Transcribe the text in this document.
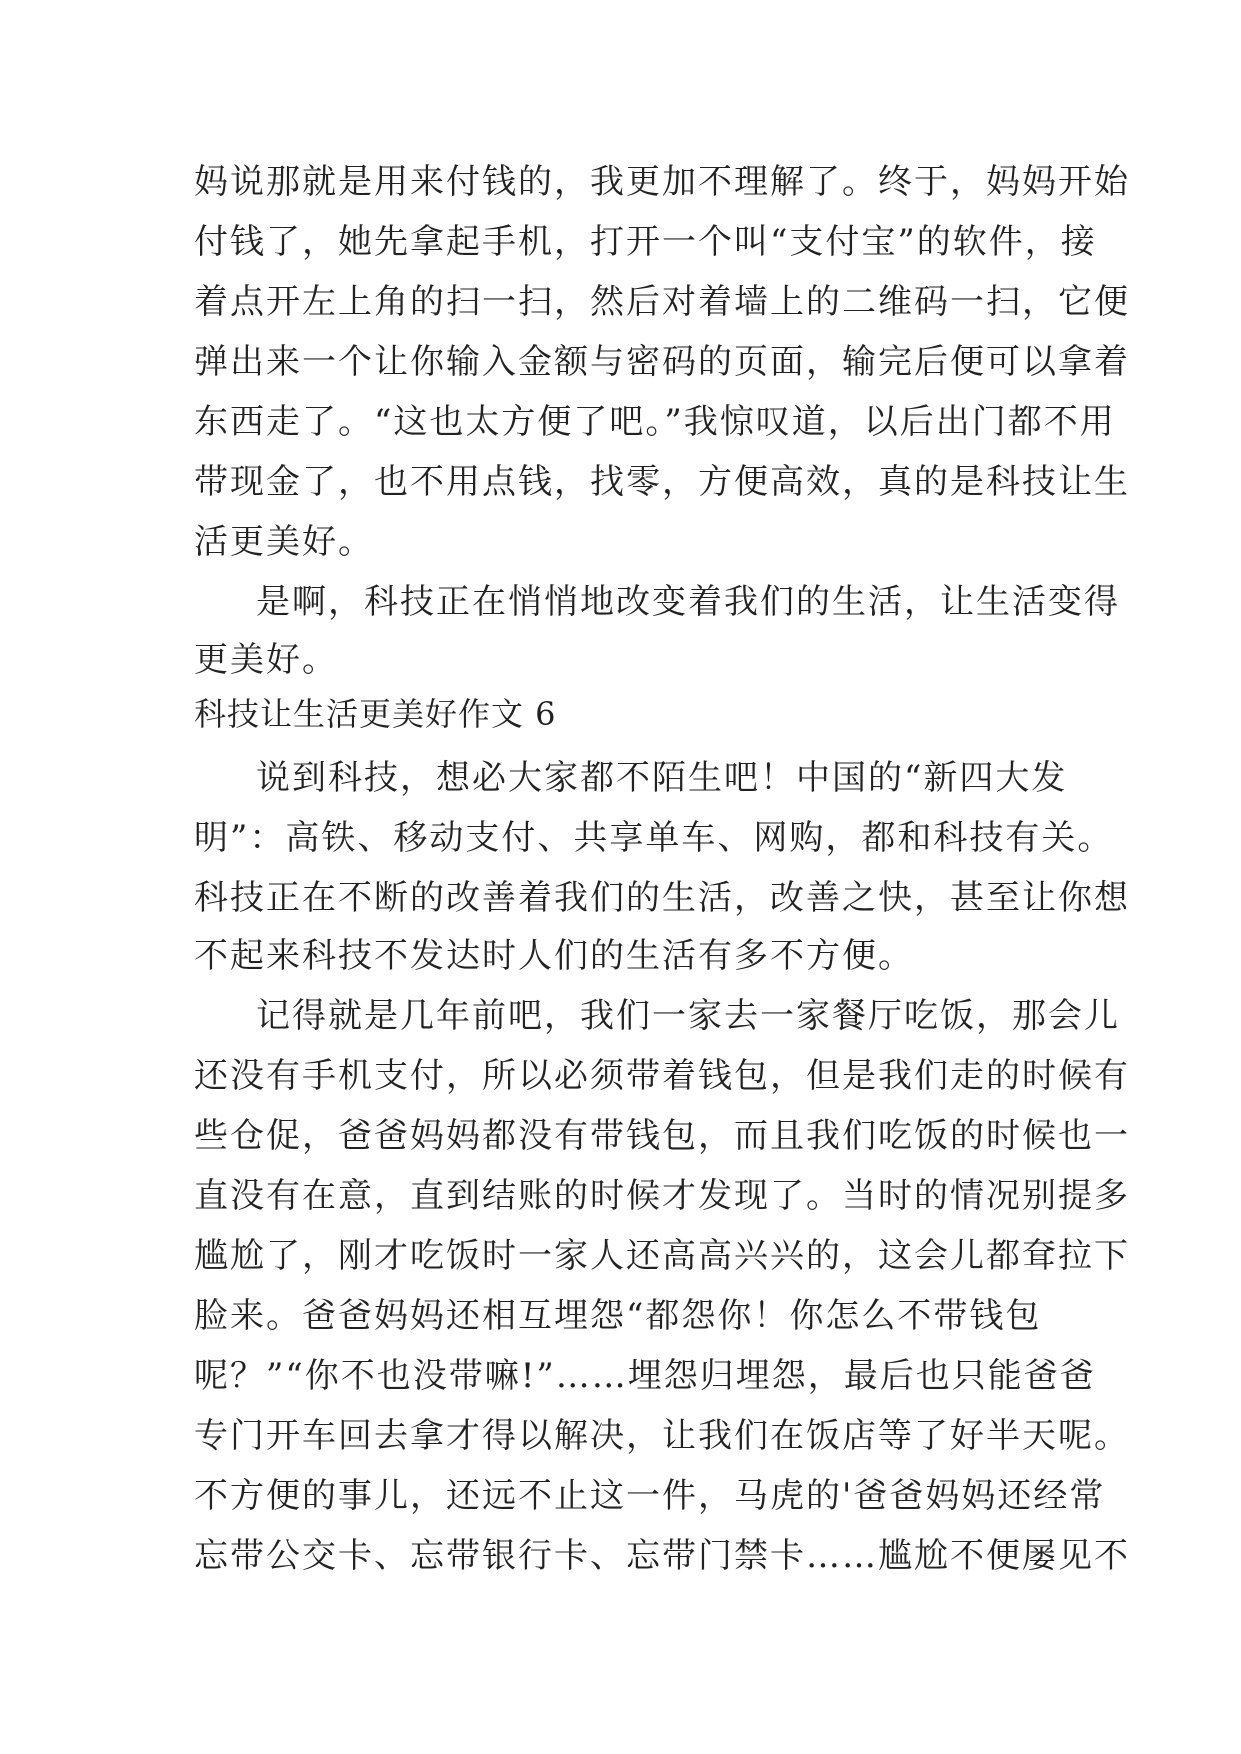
妈说那就是用来付钱的，我更加不理解了。终于，妈妈开始
付钱了，她先拿起手机，打开一个叫“支付宝”的软件，接
着点开左上角的扫一扫，然后对着墙上的二维码一扫，它便
弹出来一个让你输入金额与密码的页面，输完后便可以拿着
东西走了。“这也太方便了吧。”我惊叹道，以后出门都不用
带现金了，也不用点钱，找零，方便高效，真的是科技让生
活更美好。
是啊，科技正在悄悄地改变着我们的生活，让生活变得
更美好。
科技让生活更美好作文 6
说到科技，想必大家都不陌生吧！中国的“新四大发
明”：高铁、移动支付、共享单车、网购，都和科技有关。
科技正在不断的改善着我们的生活，改善之快，甚至让你想
不起来科技不发达时人们的生活有多不方便。
记得就是几年前吧，我们一家去一家餐厅吃饭，那会儿
还没有手机支付，所以必须带着钱包，但是我们走的时候有
些仓促，爸爸妈妈都没有带钱包，而且我们吃饭的时候也一
直没有在意，直到结账的时候才发现了。当时的情况别提多
尴尬了，刚才吃饭时一家人还高高兴兴的，这会儿都耷拉下
脸来。爸爸妈妈还相互埋怨“都怨你！你怎么不带钱包
呢？”“你不也没带嘛!”……埋怨归埋怨，最后也只能爸爸
专门开车回去拿才得以解决，让我们在饭店等了好半天呢。
不方便的事儿，还远不止这一件，马虎的'爸爸妈妈还经常
忘带公交卡、忘带银行卡、忘带门禁卡……尴尬不便屡见不
